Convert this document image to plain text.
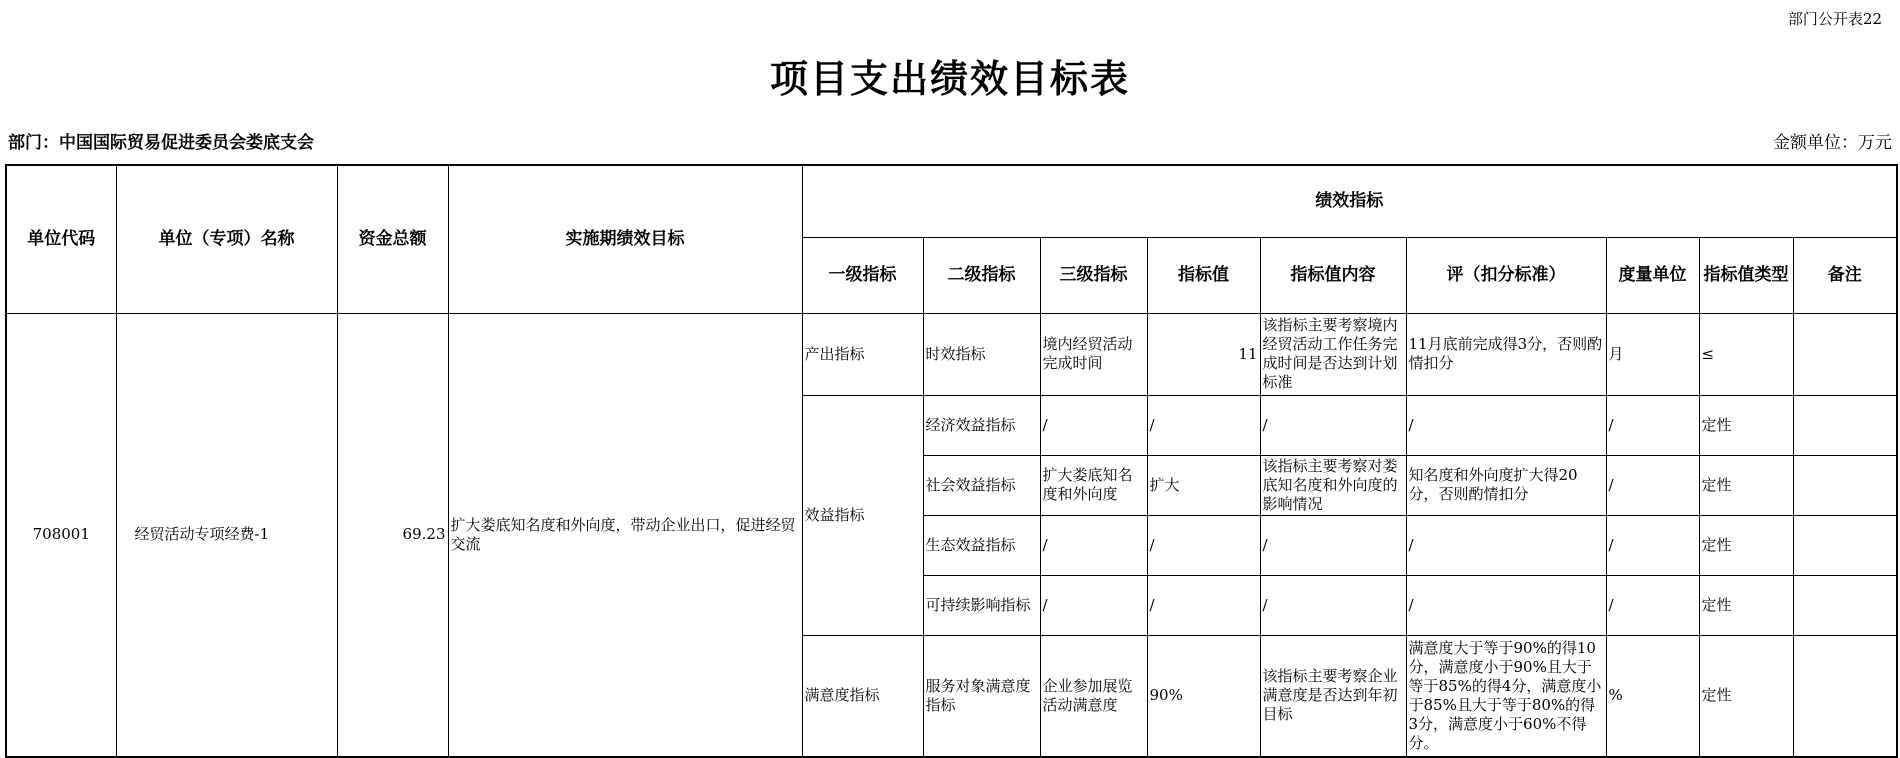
部门公开表22
项目支出绩效目标表
部门：中国国际贸易促进委员会娄底支会	金额单位：万元
单位代码	单位（专项）名称	资金总额	实施期绩效目标	绩效指标								
				一级指标	二级指标	三级指标	指标值	指标值内容	评（扣分标准）	度量单位	指标值类型	备注
708001	经贸活动专项经费-1	69.23	扩大娄底知名度和外向度，带动企业出口，促进经贸交流	产出指标	时效指标	境内经贸活动完成时间	11	该指标主要考察境内经贸活动工作任务完成时间是否达到计划标准	11月底前完成得3分，否则酌情扣分	月	≤	
				效益指标	经济效益指标	/	/	/	/	/	定性	
					社会效益指标	扩大娄底知名度和外向度	扩大	该指标主要考察对娄底知名度和外向度的影响情况	知名度和外向度扩大得20分，否则酌情扣分	/	定性	
					生态效益指标	/	/	/	/	/	定性	
					可持续影响指标	/	/	/	/	/	定性	
				满意度指标	服务对象满意度指标	企业参加展览活动满意度	90%	该指标主要考察企业满意度是否达到年初目标	满意度大于等于90%的得10分，满意度小于90%且大于等于85%的得4分，满意度小于85%且大于等于80%的得3分，满意度小于60%不得分。	%	定性	
